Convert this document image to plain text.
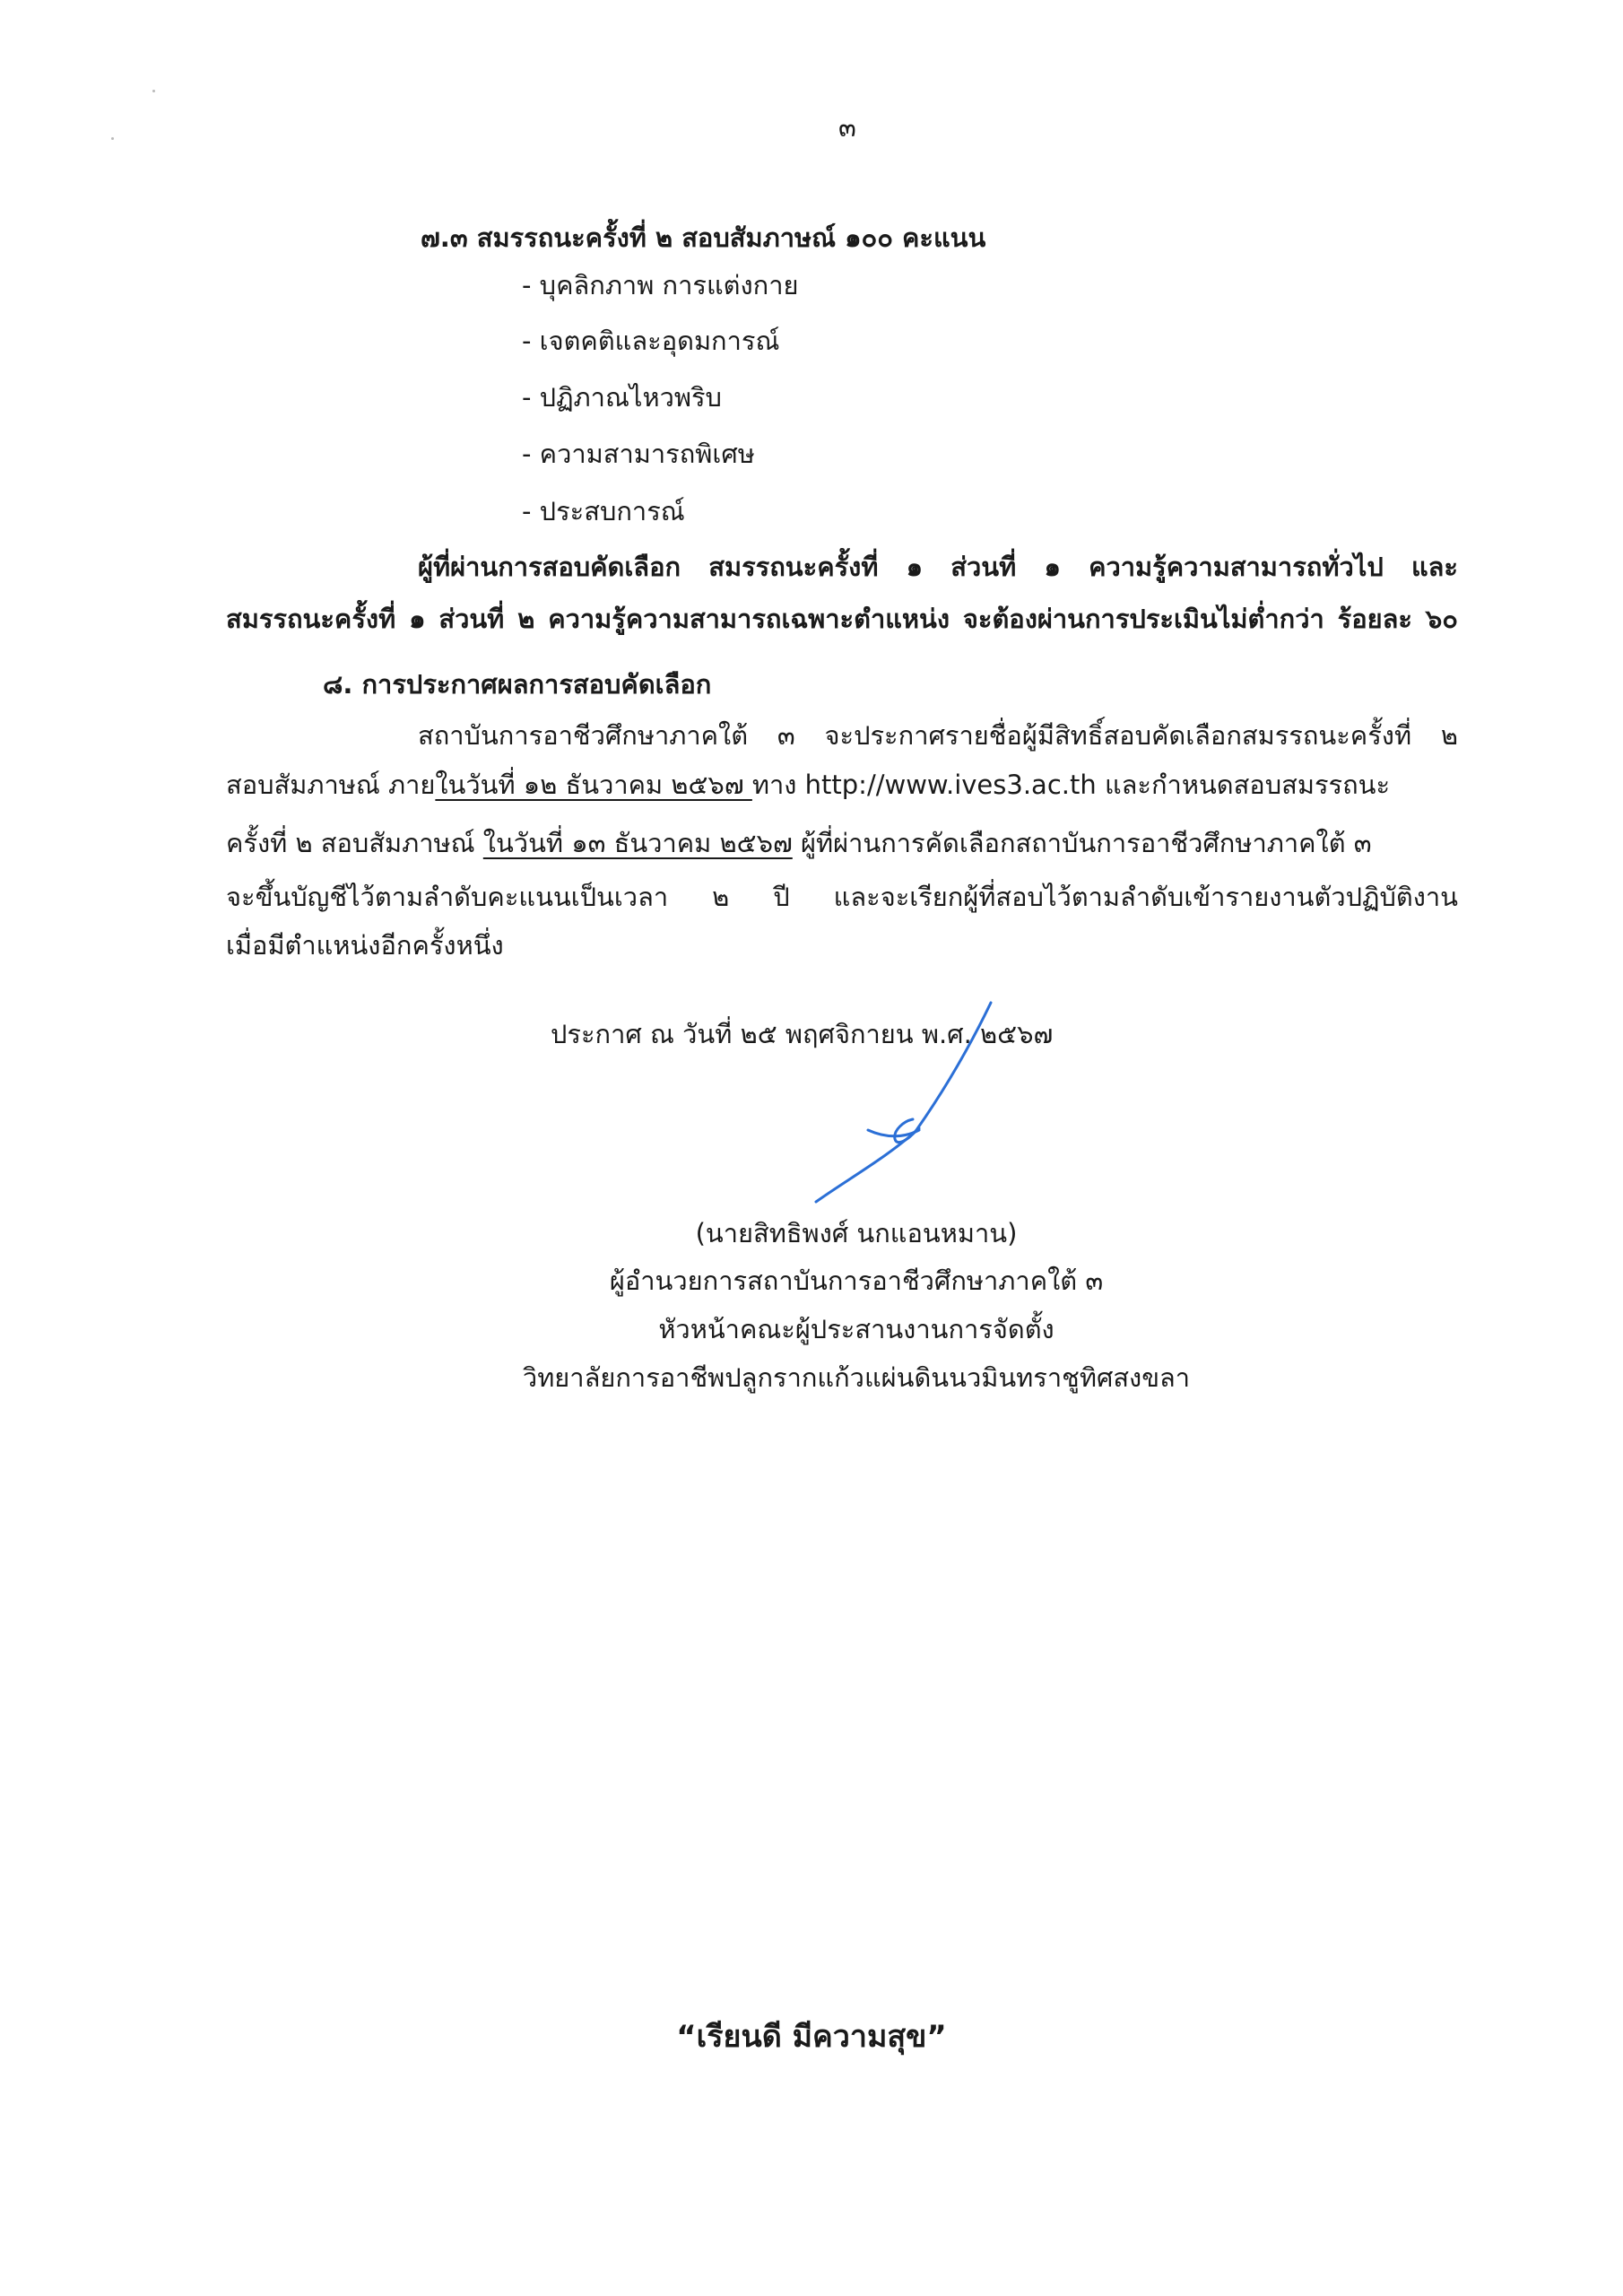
๓
๗.๓ สมรรถนะครั้งที่ ๒ สอบสัมภาษณ์ ๑๐๐ คะแนน
- บุคลิกภาพ การแต่งกาย
- เจตคติและอุดมการณ์
- ปฏิภาณไหวพริบ
- ความสามารถพิเศษ
- ประสบการณ์
ผู้ที่ผ่านการสอบคัดเลือก สมรรถนะครั้งที่ ๑ ส่วนที่ ๑ ความรู้ความสามารถทั่วไป และ
สมรรถนะครั้งที่ ๑ ส่วนที่ ๒ ความรู้ความสามารถเฉพาะตำแหน่ง จะต้องผ่านการประเมินไม่ต่ำกว่า ร้อยละ ๖๐
๘. การประกาศผลการสอบคัดเลือก
สถาบันการอาชีวศึกษาภาคใต้ ๓ จะประกาศรายชื่อผู้มีสิทธิ์สอบคัดเลือกสมรรถนะครั้งที่ ๒
สอบสัมภาษณ์ ภายในวันที่ ๑๒ ธันวาคม ๒๕๖๗ ทาง http://www.ives3.ac.th และกำหนดสอบสมรรถนะ
ครั้งที่ ๒ สอบสัมภาษณ์ ในวันที่ ๑๓ ธันวาคม ๒๕๖๗ ผู้ที่ผ่านการคัดเลือกสถาบันการอาชีวศึกษาภาคใต้ ๓
จะขึ้นบัญชีไว้ตามลำดับคะแนนเป็นเวลา ๒ ปี และจะเรียกผู้ที่สอบไว้ตามลำดับเข้ารายงานตัวปฏิบัติงาน
เมื่อมีตำแหน่งอีกครั้งหนึ่ง
ประกาศ ณ วันที่ ๒๕ พฤศจิกายน พ.ศ. ๒๕๖๗
(นายสิทธิพงศ์ นกแอนหมาน)
ผู้อำนวยการสถาบันการอาชีวศึกษาภาคใต้ ๓
หัวหน้าคณะผู้ประสานงานการจัดตั้ง
วิทยาลัยการอาชีพปลูกรากแก้วแผ่นดินนวมินทราชูทิศสงขลา
“เรียนดี มีความสุข”
